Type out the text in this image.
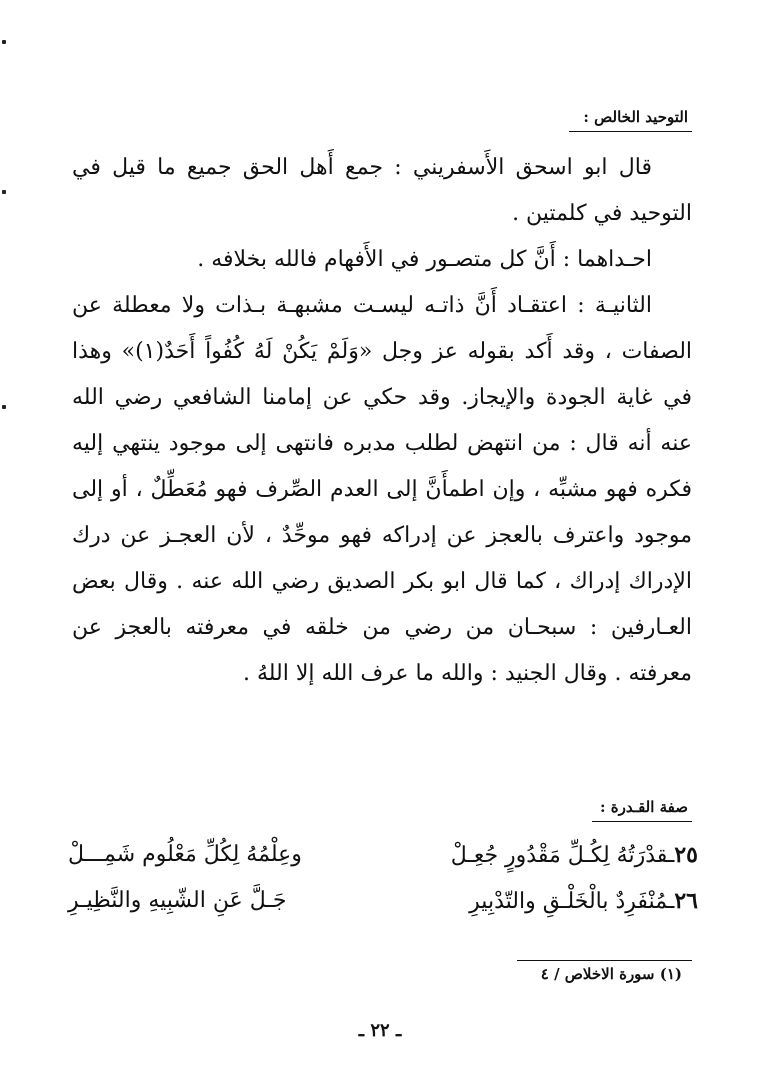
التوحيد الخالص :

قال ابو اسحق الأَسفريني : جمع أَهل الحق جميع ما قيل في التوحيد في كلمتين .

احـداهما : أَنَّ كل متصـور في الأَفهام فالله بخلافه .

الثانيـة : اعتقـاد أَنَّ ذاتـه ليسـت مشبهـة بـذات ولا معطلة عن الصفات ، وقد أَكد بقوله عز وجل «وَلَمْ يَكُنْ لَهُ كُفُواً أَحَدٌ(١)» وهذا في غاية الجودة والإيجاز. وقد حكي عن إمامنا الشافعي رضي الله عنه أنه قال : من انتهض لطلب مدبره فانتهى إلى موجود ينتهي إليه فكره فهو مشبِّه ، وإن اطمأَنَّ إلى العدم الصِّرف فهو مُعَطِّلٌ ، أو إلى موجود واعترف بالعجز عن إدراكه فهو موحِّدٌ ، لأن العجـز عن درك الإدراك إدراك ، كما قال ابو بكر الصديق رضي الله عنه . وقال بعض العـارفين : سبحـان من رضي من خلقه في معرفته بالعجز عن معرفته . وقال الجنيد : والله ما عرف الله إلا اللهُ .

صفة القـدرة :
٢٥ـقدْرَتُهُ لِكُـلِّ مَقْدُورٍ جُعِـلْ
وعِلْمُهُ لِكُلِّ مَعْلُوم شَمِـــلْ
٢٦ـمُنْفَرِدٌ بالْخَلْـقِ والتّدْبِيرِ
جَـلَّ عَنِ الشّبِيهِ والنَّظِيـرِ
(١) سورة الاخلاص / ٤
ـ ٢٢ ـ
